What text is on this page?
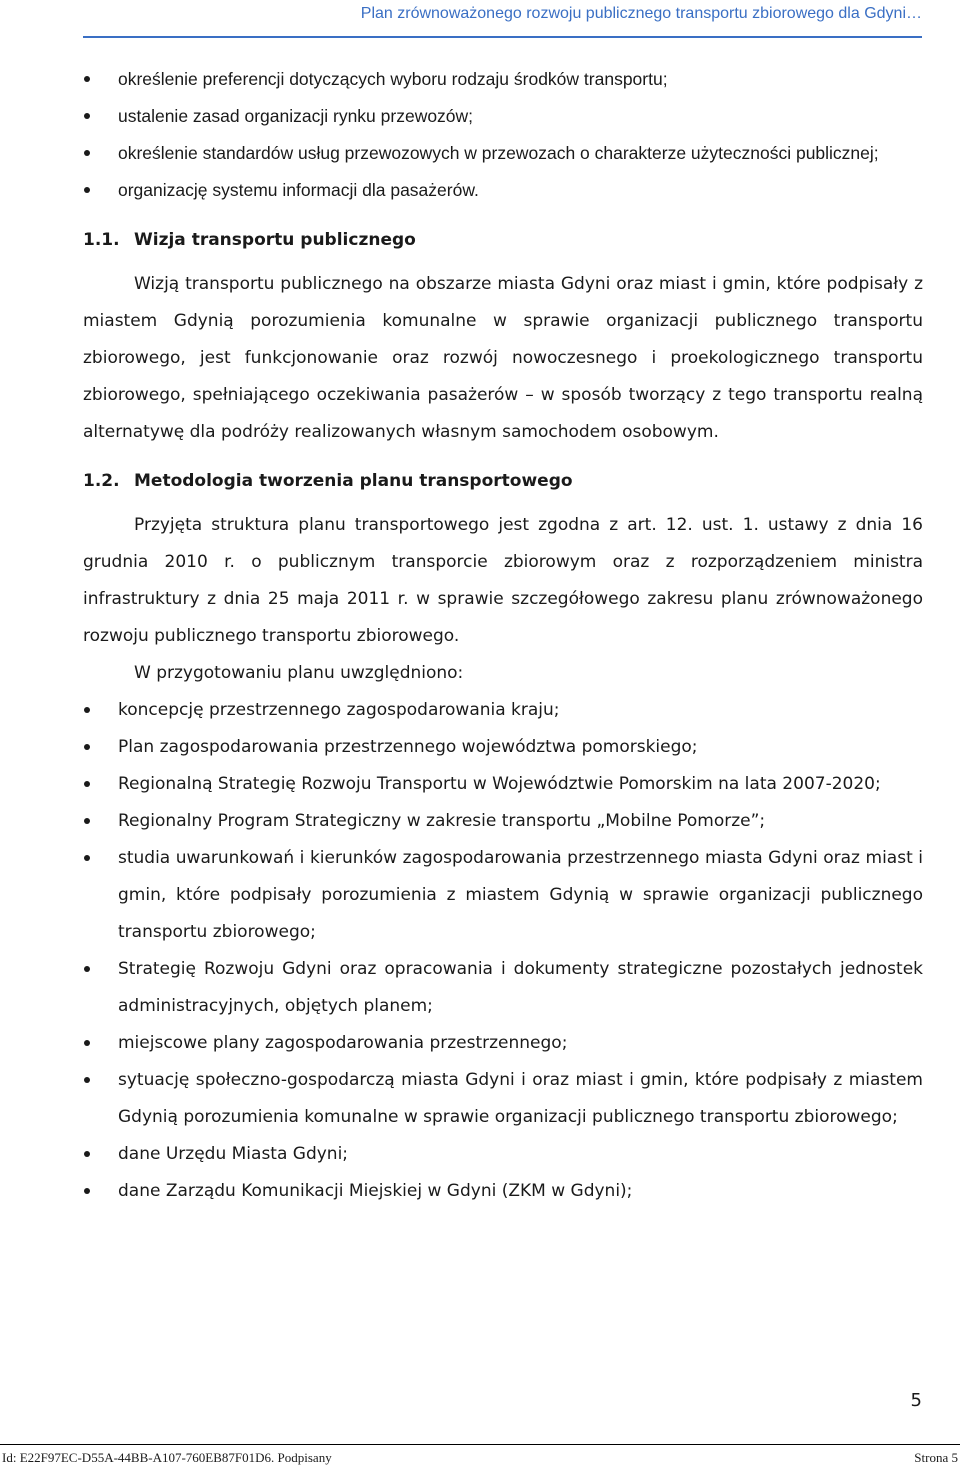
Plan zrównoważonego rozwoju publicznego transportu zbiorowego dla Gdyni…
określenie preferencji dotyczących wyboru rodzaju środków transportu;
ustalenie zasad organizacji rynku przewozów;
określenie standardów usług przewozowych w przewozach o charakterze użyteczności publicznej;
organizację systemu informacji dla pasażerów.
1.1. Wizja transportu publicznego

Wizją transportu publicznego na obszarze miasta Gdyni oraz miast i gmin, które podpisały z miastem Gdynią porozumienia komunalne w sprawie organizacji publicznego transportu zbiorowego, jest funkcjonowanie oraz rozwój nowoczesnego i proekologicznego transportu zbiorowego, spełniającego oczekiwania pasażerów – w sposób tworzący z tego transportu realną alternatywę dla podróży realizowanych własnym samochodem osobowym.

1.2. Metodologia tworzenia planu transportowego

Przyjęta struktura planu transportowego jest zgodna z art. 12. ust. 1. ustawy z dnia 16 grudnia 2010 r. o publicznym transporcie zbiorowym oraz z rozporządzeniem ministra infrastruktury z dnia 25 maja 2011 r. w sprawie szczegółowego zakresu planu zrównoważonego rozwoju publicznego transportu zbiorowego.

W przygotowaniu planu uwzględniono:

koncepcję przestrzennego zagospodarowania kraju;
Plan zagospodarowania przestrzennego województwa pomorskiego;
Regionalną Strategię Rozwoju Transportu w Województwie Pomorskim na lata 2007-2020;
Regionalny Program Strategiczny w zakresie transportu „Mobilne Pomorze”;
studia uwarunkowań i kierunków zagospodarowania przestrzennego miasta Gdyni oraz miast i gmin, które podpisały porozumienia z miastem Gdynią w sprawie organizacji publicznego transportu zbiorowego;
Strategię Rozwoju Gdyni oraz opracowania i dokumenty strategiczne pozostałych jednostek administracyjnych, objętych planem;
miejscowe plany zagospodarowania przestrzennego;
sytuację społeczno-gospodarczą miasta Gdyni i oraz miast i gmin, które podpisały z miastem Gdynią porozumienia komunalne w sprawie organizacji publicznego transportu zbiorowego;
dane Urzędu Miasta Gdyni;
dane Zarządu Komunikacji Miejskiej w Gdyni (ZKM w Gdyni);
5
Id: E22F97EC-D55A-44BB-A107-760EB87F01D6. Podpisany	Strona 5
